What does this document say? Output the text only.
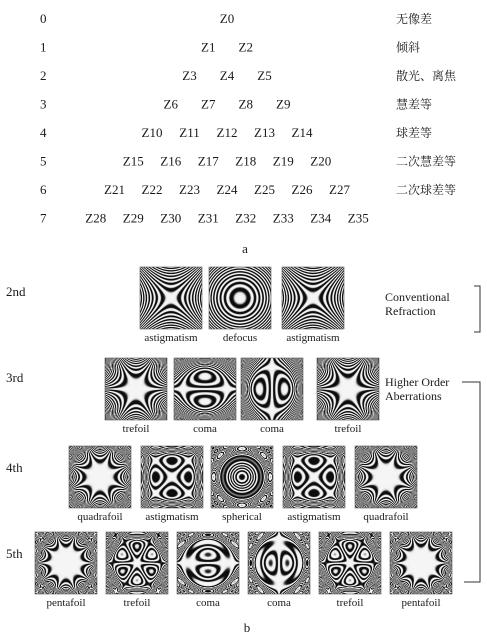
0	Z0	无像差
1	Z1 Z2	倾斜
2	Z3 Z4 Z5	散光、离焦
3	Z6 Z7 Z8 Z9	慧差等
4	Z10 Z11 Z12 Z13 Z14	球差等
5	Z15 Z16 Z17 Z18 Z19 Z20	二次慧差等
6	Z21 Z22 Z23 Z24 Z25 Z26 Z27	二次球差等
7	Z28 Z29 Z30 Z31 Z32 Z33 Z34 Z35
a
2nd
astigmatism defocus	astigmatism
3rd
trefoil	coma	coma	trefoil
4th
quadrafoil astigmatism spherical astigmatism quadrafoil
5th
pentafoil	trefoil	coma	coma	trefoil	pentafoil
Conventional
Refraction
Higher Order
Aberrations
b
